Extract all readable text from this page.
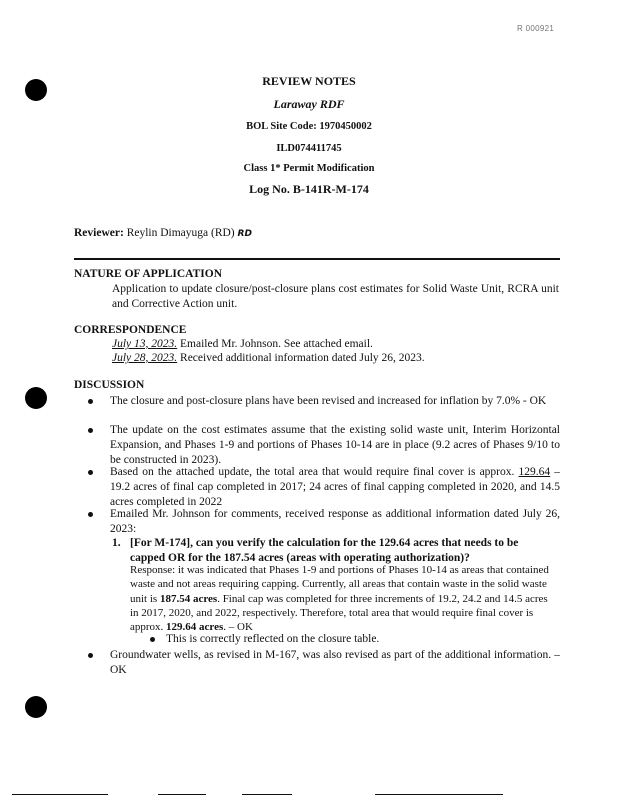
R 000921
REVIEW NOTES
Laraway RDF
BOL Site Code: 1970450002
ILD074411745
Class 1* Permit Modification
Log No. B-141R-M-174
Reviewer: Reylin Dimayuga (RD) RD
NATURE OF APPLICATION
Application to update closure/post-closure plans cost estimates for Solid Waste Unit, RCRA unit and Corrective Action unit.
CORRESPONDENCE
July 13, 2023. Emailed Mr. Johnson. See attached email.
July 28, 2023. Received additional information dated July 26, 2023.
DISCUSSION
The closure and post-closure plans have been revised and increased for inflation by 7.0% - OK
The update on the cost estimates assume that the existing solid waste unit, Interim Horizontal Expansion, and Phases 1-9 and portions of Phases 10-14 are in place (9.2 acres of Phases 9/10 to be constructed in 2023).
Based on the attached update, the total area that would require final cover is approx. 129.64 – 19.2 acres of final cap completed in 2017; 24 acres of final capping completed in 2020, and 14.5 acres completed in 2022
Emailed Mr. Johnson for comments, received response as additional information dated July 26, 2023:
1. [For M-174], can you verify the calculation for the 129.64 acres that needs to be capped OR for the 187.54 acres (areas with operating authorization)?
Response: it was indicated that Phases 1-9 and portions of Phases 10-14 as areas that contained waste and not areas requiring capping. Currently, all areas that contain waste in the solid waste unit is 187.54 acres. Final cap was completed for three increments of 19.2, 24.2 and 14.5 acres in 2017, 2020, and 2022, respectively. Therefore, total area that would require final cover is approx. 129.64 acres. – OK
This is correctly reflected on the closure table.
Groundwater wells, as revised in M-167, was also revised as part of the additional information. – OK
